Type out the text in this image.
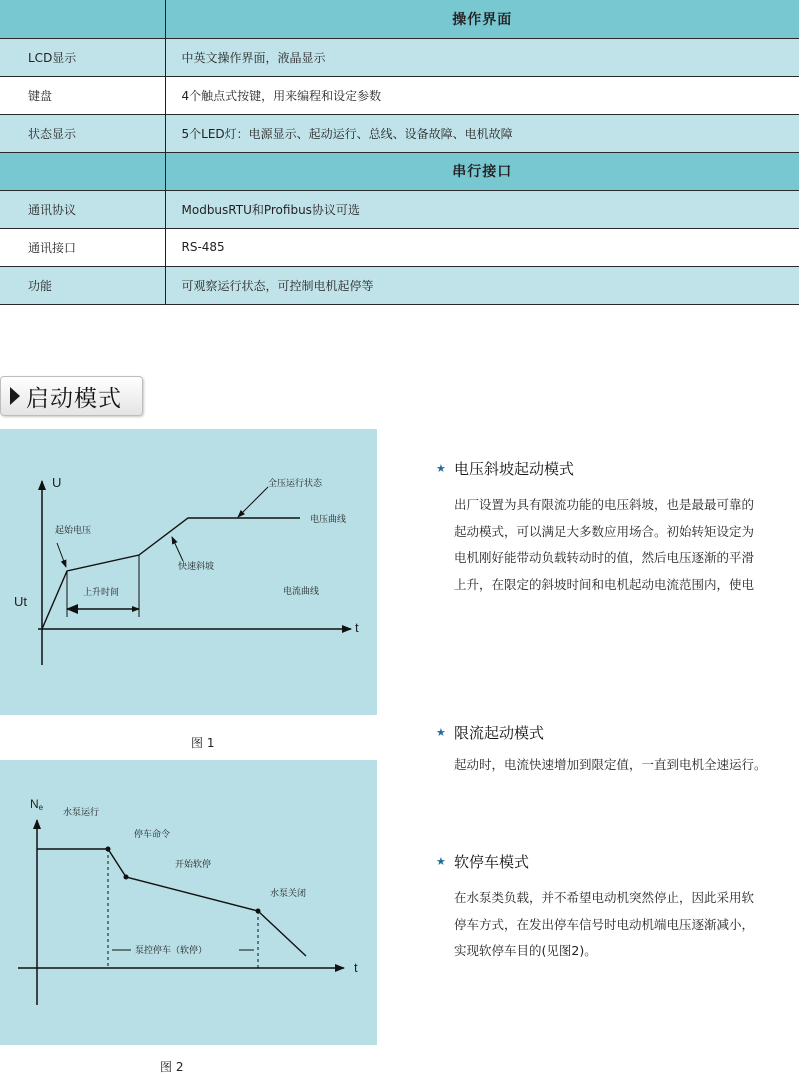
	操作界面
LCD显示	中英文操作界面，液晶显示
键盘	4个触点式按键，用来编程和设定参数
状态显示	5个LED灯：电源显示、起动运行、总线、设备故障、电机故障
	串行接口
通讯协议	ModbusRTU和Profibus协议可选
通讯接口	RS-485
功能	可观察运行状态，可控制电机起停等
启动模式
U
Ut
t
起始电压
上升时间
快速斜坡
全压运行状态
电压曲线
电流曲线
图 1
Ne
t
水泵运行
停车命令
开始软停
水泵关闭
泵控停车（软停）
图 2
★ 电压斜坡起动模式
出厂设置为具有限流功能的电压斜坡，也是最最可靠的
起动模式，可以满足大多数应用场合。初始转矩设定为
电机刚好能带动负载转动时的值，然后电压逐渐的平滑
上升，在限定的斜坡时间和电机起动电流范围内，使电
★ 限流起动模式
起动时，电流快速增加到限定值，一直到电机全速运行。
★ 软停车模式
在水泵类负载，并不希望电动机突然停止，因此采用软
停车方式，在发出停车信号时电动机端电压逐渐减小，
实现软停车目的(见图2)。
